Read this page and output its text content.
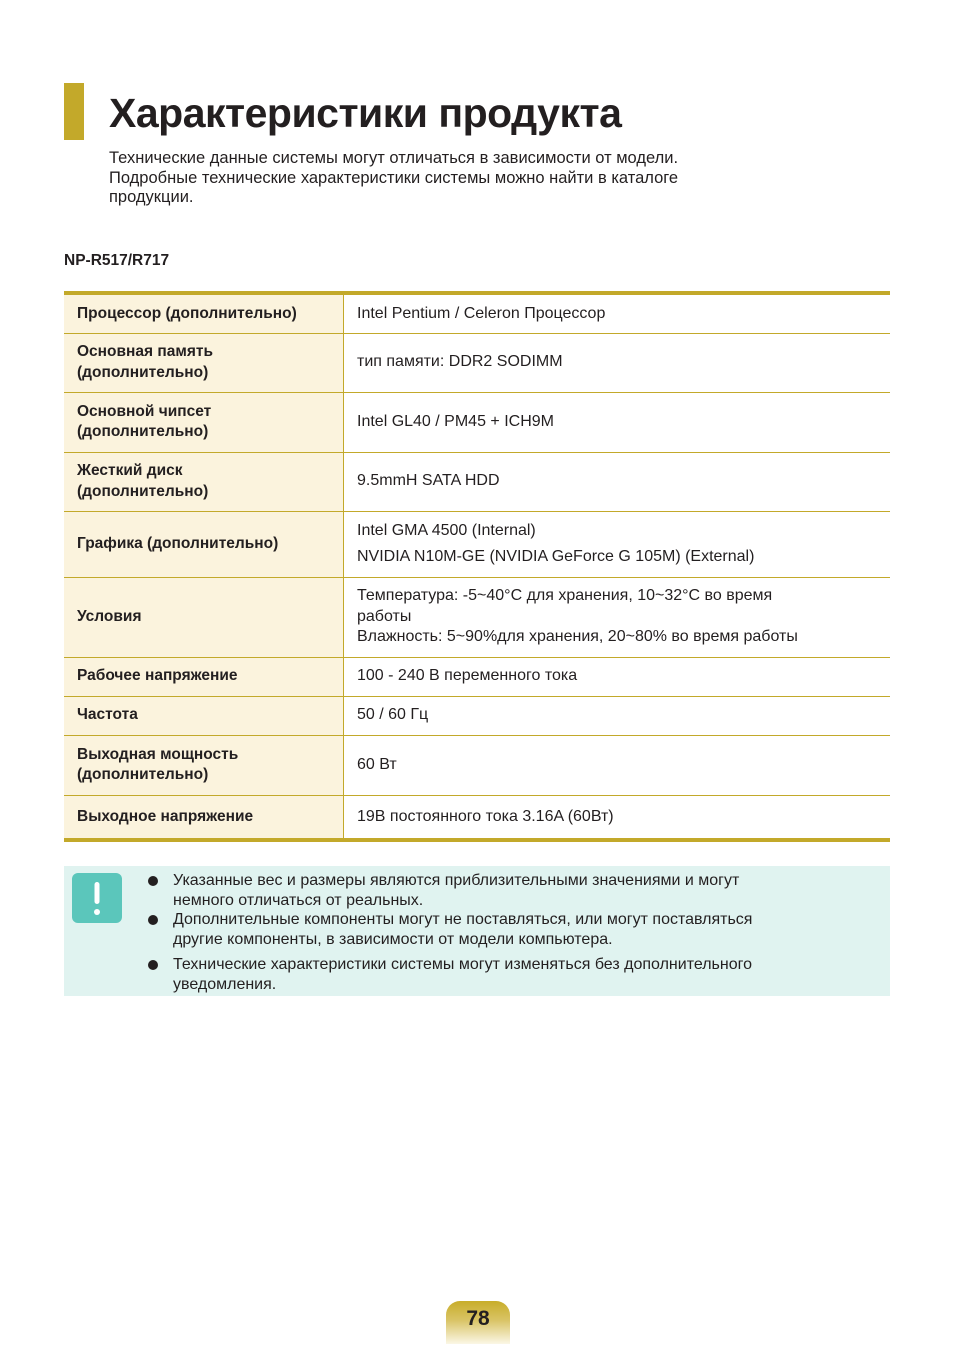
Характеристики продукта
Технические данные системы могут отличаться в зависимости от модели.
Подробные технические характеристики системы можно найти в каталоге
продукции.
NP-R517/R717
Процессор (дополнительно)	Intel Pentium / Celeron Процессор

Основная память
(дополнительно)	тип памяти: DDR2 SODIMM

Основной чипсет
(дополнительно)	Intel GL40 / PM45 + ICH9M

Жесткий диск
(дополнительно)	9.5mmH SATA HDD

Графика (дополнительно)	Intel GMA 4500 (Internal)
NVIDIA N10M-GE (NVIDIA GeForce G 105M) (External)

Условия	Температура: -5~40°C для хранения, 10~32°C во время
работы
Влажность: 5~90%для хранения, 20~80% во время работы

Рабочее напряжение	100 - 240 В переменного тока

Частота	50 / 60 Гц

Выходная мощность
(дополнительно)	60 Вт

Выходное напряжение	19В постоянного тока 3.16A (60Вт)
Указанные вес и размеры являются приблизительными значениями и могут
немного отличаться от реальных.
Дополнительные компоненты могут не поставляться, или могут поставляться
другие компоненты, в зависимости от модели компьютера.
Технические характеристики системы могут изменяться без дополнительного
уведомления.
78
